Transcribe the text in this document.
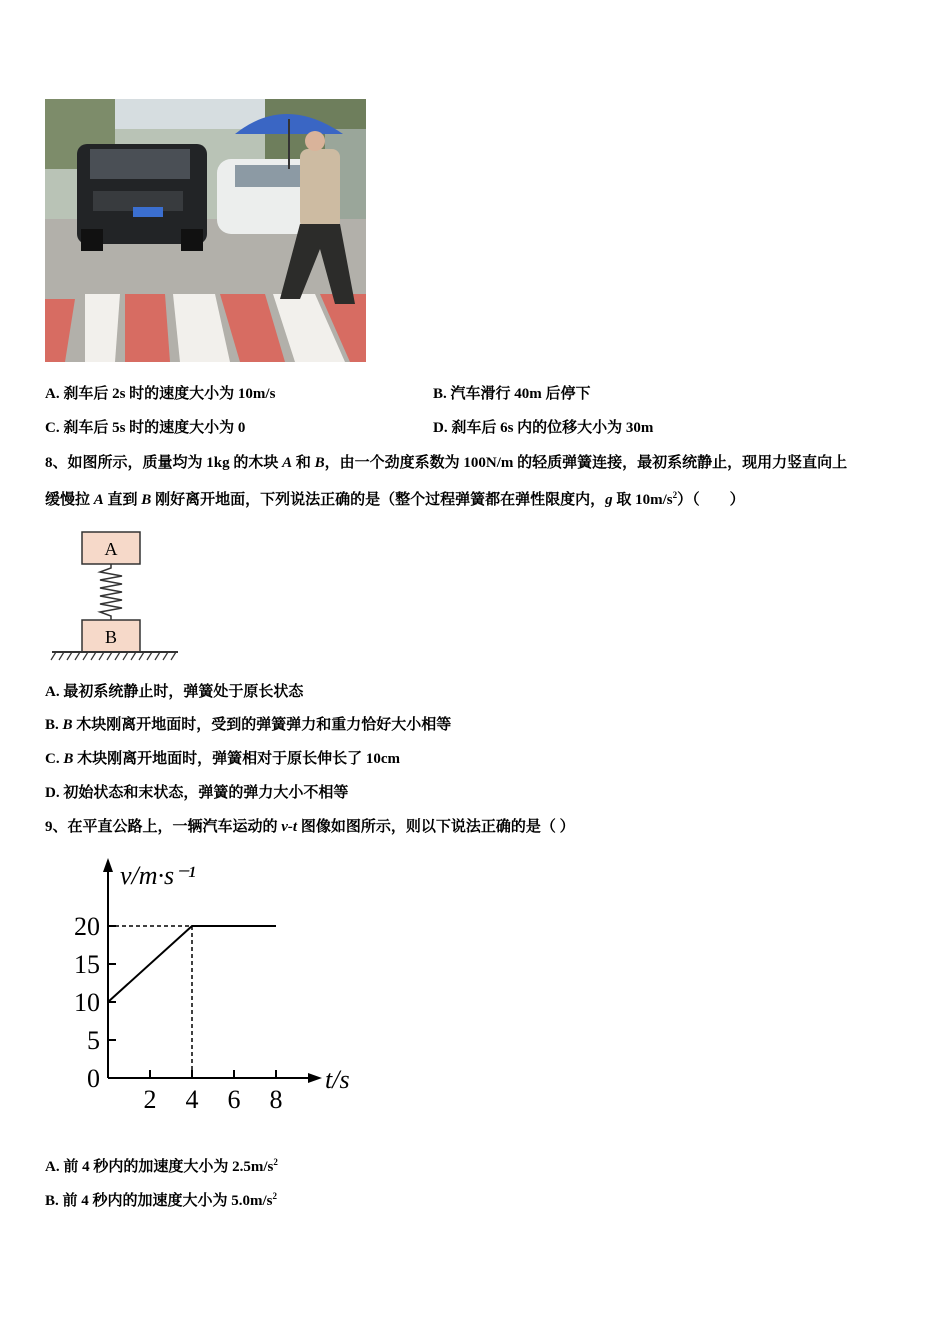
A. 刹车后 2s 时的速度大小为 10m/s	B. 汽车滑行 40m 后停下
C. 刹车后 5s 时的速度大小为 0	D. 刹车后 6s 内的位移大小为 30m
8、如图所示，质量均为 1kg 的木块 A 和 B，由一个劲度系数为 100N/m 的轻质弹簧连接，最初系统静止，现用力竖直向上
缓慢拉 A 直到 B 刚好离开地面，下列说法正确的是（整个过程弹簧都在弹性限度内，g 取 $10m/s^2$）（　　）
A
B
A. 最初系统静止时，弹簧处于原长状态
B. B 木块刚离开地面时，受到的弹簧弹力和重力恰好大小相等
C. B 木块刚离开地面时，弹簧相对于原长伸长了 10cm
D. 初始状态和末状态，弹簧的弹力大小不相等
9、在平直公路上，一辆汽车运动的 v-t 图像如图所示，则以下说法正确的是（ ）
v/m·s⁻¹
t/s
2 4 6 8
0
5
10
15
20
A. 前 4 秒内的加速度大小为 $2.5m/s^2$
B. 前 4 秒内的加速度大小为 $5.0m/s^2$
